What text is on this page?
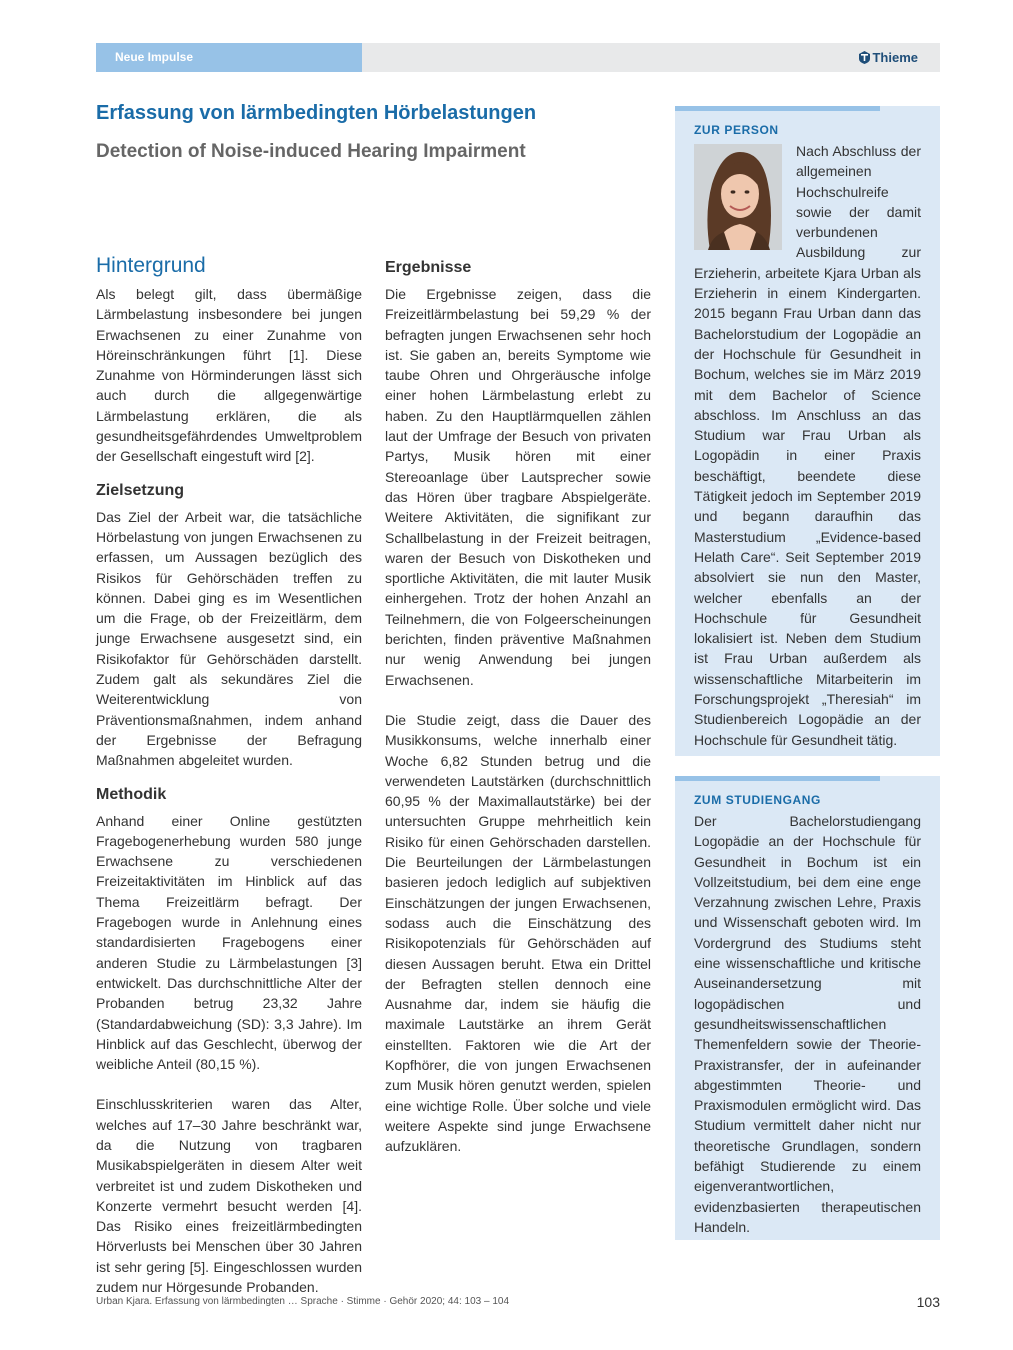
Neue Impulse	Thieme
Erfassung von lärmbedingten Hörbelastungen
Detection of Noise-induced Hearing Impairment
Hintergrund

Als belegt gilt, dass übermäßige Lärmbelastung insbesondere bei jungen Erwachsenen zu einer Zunahme von Höreinschränkungen führt [1]. Diese Zunahme von Hörminderungen lässt sich auch durch die allgegenwärtige Lärmbelastung erklären, die als gesundheitsgefährdendes Umweltproblem der Gesellschaft eingestuft wird [2].

Zielsetzung

Das Ziel der Arbeit war, die tatsächliche Hörbelastung von jungen Erwachsenen zu erfassen, um Aussagen bezüglich des Risikos für Gehörschäden treffen zu können. Dabei ging es im Wesentlichen um die Frage, ob der Freizeitlärm, dem junge Erwachsene ausgesetzt sind, ein Risikofaktor für Gehörschäden darstellt. Zudem galt als sekundäres Ziel die Weiterentwicklung von Präventionsmaßnahmen, indem anhand der Ergebnisse der Befragung Maßnahmen abgeleitet wurden.

Methodik

Anhand einer Online gestützten Fragebogenerhebung wurden 580 junge Erwachsene zu verschiedenen Freizeitaktivitäten im Hinblick auf das Thema Freizeitlärm befragt. Der Fragebogen wurde in Anlehnung eines standardisierten Fragebogens einer anderen Studie zu Lärmbelastungen [3] entwickelt. Das durchschnittliche Alter der Probanden betrug 23,32 Jahre (Standardabweichung (SD): 3,3 Jahre). Im Hinblick auf das Geschlecht, überwog der weibliche Anteil (80,15 %).

Einschlusskriterien waren das Alter, welches auf 17–30 Jahre beschränkt war, da die Nutzung von tragbaren Musikabspielgeräten in diesem Alter weit verbreitet ist und zudem Diskotheken und Konzerte vermehrt besucht werden [4]. Das Risiko eines freizeitlärmbedingten Hörverlusts bei Menschen über 30 Jahren ist sehr gering [5]. Eingeschlossen wurden zudem nur Hörgesunde Probanden.

Ergebnisse

Die Ergebnisse zeigen, dass die Freizeitlärmbelastung bei 59,29 % der befragten jungen Erwachsenen sehr hoch ist. Sie gaben an, bereits Symptome wie taube Ohren und Ohrgeräusche infolge einer hohen Lärmbelastung erlebt zu haben. Zu den Hauptlärmquellen zählen laut der Umfrage der Besuch von privaten Partys, Musik hören mit einer Stereoanlage über Lautsprecher sowie das Hören über tragbare Abspielgeräte. Weitere Aktivitäten, die signifikant zur Schallbelastung in der Freizeit beitragen, waren der Besuch von Diskotheken und sportliche Aktivitäten, die mit lauter Musik einhergehen. Trotz der hohen Anzahl an Teilnehmern, die von Folgeerscheinungen berichten, finden präventive Maßnahmen nur wenig Anwendung bei jungen Erwachsenen.

Die Studie zeigt, dass die Dauer des Musikkonsums, welche innerhalb einer Woche 6,82 Stunden betrug und die verwendeten Lautstärken (durchschnittlich 60,95 % der Maximallautstärke) bei der untersuchten Gruppe mehrheitlich kein Risiko für einen Gehörschaden darstellen. Die Beurteilungen der Lärmbelastungen basieren jedoch lediglich auf subjektiven Einschätzungen der jungen Erwachsenen, sodass auch die Einschätzung des Risikopotenzials für Gehörschäden auf diesen Aussagen beruht. Etwa ein Drittel der Befragten stellen dennoch eine Ausnahme dar, indem sie häufig die maximale Lautstärke an ihrem Gerät einstellten. Faktoren wie die Art der Kopfhörer, die von jungen Erwachsenen zum Musik hören genutzt werden, spielen eine wichtige Rolle. Über solche und viele weitere Aspekte sind junge Erwachsene aufzuklären.

ZUR PERSON

Nach Abschluss der allgemeinen Hochschulreife sowie der damit verbundenen Ausbildung zur Erzieherin, arbeitete Kjara Urban als Erzieherin in einem Kindergarten. 2015 begann Frau Urban dann das Bachelorstudium der Logopädie an der Hochschule für Gesundheit in Bochum, welches sie im März 2019 mit dem Bachelor of Science abschloss. Im Anschluss an das Studium war Frau Urban als Logopädin in einer Praxis beschäftigt, beendete diese Tätigkeit jedoch im September 2019 und begann daraufhin das Masterstudium „Evidence-based Helath Care“. Seit September 2019 absolviert sie nun den Master, welcher ebenfalls an der Hochschule für Gesundheit lokalisiert ist. Neben dem Studium ist Frau Urban außerdem als wissenschaftliche Mitarbeiterin im Forschungsprojekt „Theresiah“ im Studienbereich Logopädie an der Hochschule für Gesundheit tätig.

ZUM STUDIENGANG

Der Bachelorstudiengang Logopädie an der Hochschule für Gesundheit in Bochum ist ein Vollzeitstudium, bei dem eine enge Verzahnung zwischen Lehre, Praxis und Wissenschaft geboten wird. Im Vordergrund des Studiums steht eine wissenschaftliche und kritische Auseinandersetzung mit logopädischen und gesundheitswissenschaftlichen Themenfeldern sowie der Theorie-Praxistransfer, der in aufeinander abgestimmten Theorie- und Praxismodulen ermöglicht wird. Das Studium vermittelt daher nicht nur theoretische Grundlagen, sondern befähigt Studierende zu einem eigenverantwortlichen, evidenzbasierten therapeutischen Handeln.

Urban Kjara. Erfassung von lärmbedingten … Sprache · Stimme · Gehör 2020; 44: 103 – 104	103
